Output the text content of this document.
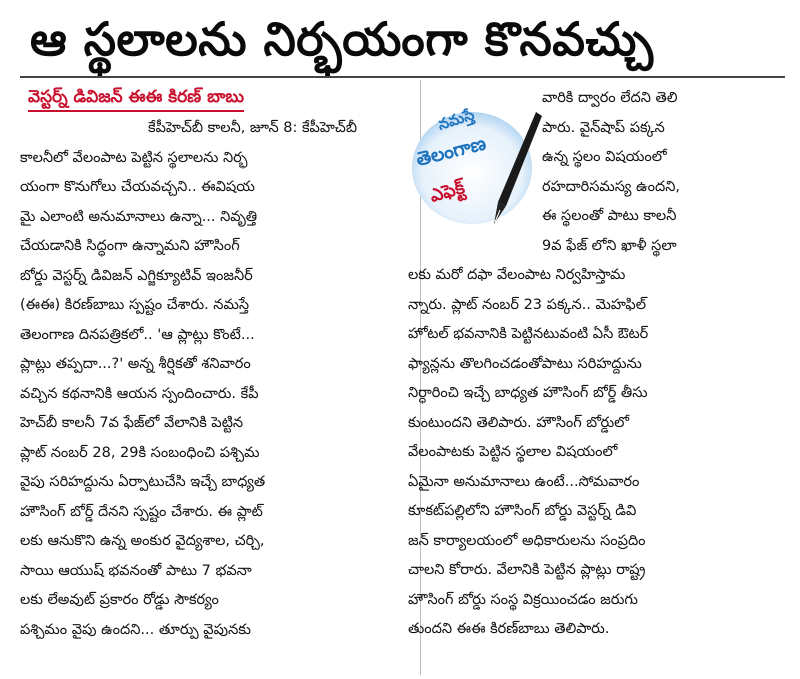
ఆ స్థలాలను నిర్భయంగా కొనవచ్చు
వెస్టర్న్ డివిజన్ ఈఈ కిరణ్ బాబు
కేపీహెచ్‌బీ కాలనీ, జూన్ 8: కేపీహెచ్‌బీ
కాలనీలో వేలంపాట పెట్టిన స్థలాలను నిర్భ
యంగా కొనుగోలు చేయవచ్చని.. ఈవిషయ
మై ఎలాంటి అనుమానాలు ఉన్నా... నివృత్తి
చేయడానికి సిద్ధంగా ఉన్నామని హౌసింగ్
బోర్డు వెస్టర్న్ డివిజన్ ఎగ్జిక్యూటివ్ ఇంజనీర్
(ఈఈ) కిరణ్‌బాబు స్పష్టం చేశారు. నమస్తే
తెలంగాణ దినపత్రికలో.. 'ఆ ప్లాట్లు కొంటే...
ప్లాట్లు తప్పదా...?' అన్న శీర్షికతో శనివారం
వచ్చిన కథనానికి ఆయన స్పందించారు. కేపీ
హెచ్‌బీ కాలనీ 7వ ఫేజ్‌లో వేలానికి పెట్టిన
ప్లాట్ నంబర్ 28, 29కి సంబంధించి పశ్చిమ
వైపు సరిహద్దును ఏర్పాటుచేసి ఇచ్చే బాధ్యత
హౌసింగ్ బోర్డ్ దేనని స్పష్టం చేశారు. ఈ ప్లాట్
లకు ఆనుకొని ఉన్న అంకుర వైద్యశాల, చర్చి,
సాయి ఆయుష్ భవనంతో పాటు 7 భవనా
లకు లేఅవుట్ ప్రకారం రోడ్డు సౌకర్యం
పశ్చిమం వైపు ఉందని... తూర్పు వైపునకు
నమస్తే
తెలంగాణ
ఎఫెక్ట్
వారికి ద్వారం లేదని తెలి
పారు. వైన్‌షాప్ పక్కన
ఉన్న స్థలం విషయంలో
రహదారిసమస్య ఉందని,
ఈ స్థలంతో పాటు కాలనీ
9వ ఫేజ్ లోని ఖాళీ స్థలా
లకు మరో దఫా వేలంపాట నిర్వహిస్తామ
న్నారు. ప్లాట్ నంబర్ 23 పక్కన.. మెహఫిల్
హోటల్ భవనానికి పెట్టినటువంటి ఏసీ ఔటర్
ఫ్యాన్లను తొలగించడంతోపాటు సరిహద్దును
నిర్ధారించి ఇచ్చే బాధ్యత హౌసింగ్ బోర్డ్ తీసు
కుంటుందని తెలిపారు. హౌసింగ్ బోర్డులో
వేలంపాటకు పెట్టిన స్థలాల విషయంలో
ఏమైనా అనుమానాలు ఉంటే...సోమవారం
కూకట్‌పల్లిలోని హౌసింగ్ బోర్డు వెస్టర్న్ డివి
జన్ కార్యాలయంలో అధికారులను సంప్రదిం
చాలని కోరారు. వేలానికి పెట్టిన ప్లాట్లు రాష్ట్ర
హౌసింగ్ బోర్డు సంస్థ విక్రయించడం జరుగు
తుందని ఈఈ కిరణ్‌బాబు తెలిపారు.
